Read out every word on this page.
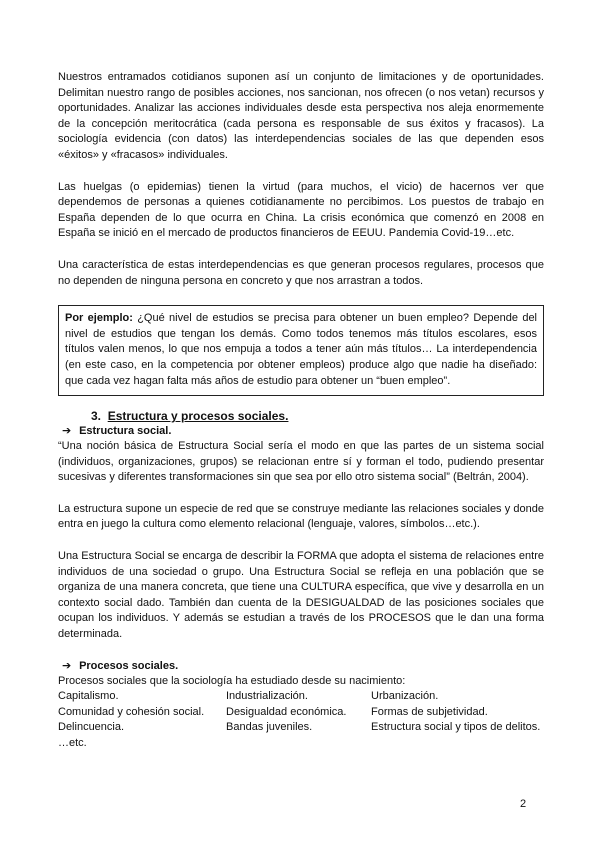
Nuestros entramados cotidianos suponen así un conjunto de limitaciones y de oportunidades. Delimitan nuestro rango de posibles acciones, nos sancionan, nos ofrecen (o nos vetan) recursos y oportunidades. Analizar las acciones individuales desde esta perspectiva nos aleja enormemente de la concepción meritocrática (cada persona es responsable de sus éxitos y fracasos). La sociología evidencia (con datos) las interdependencias sociales de las que dependen esos «éxitos» y «fracasos» individuales.

Las huelgas (o epidemias) tienen la virtud (para muchos, el vicio) de hacernos ver que dependemos de personas a quienes cotidianamente no percibimos. Los puestos de trabajo en España dependen de lo que ocurra en China. La crisis económica que comenzó en 2008 en España se inició en el mercado de productos financieros de EEUU. Pandemia Covid-19…etc.

Una característica de estas interdependencias es que generan procesos regulares, procesos que no dependen de ninguna persona en concreto y que nos arrastran a todos.

Por ejemplo: ¿Qué nivel de estudios se precisa para obtener un buen empleo? Depende del nivel de estudios que tengan los demás. Como todos tenemos más títulos escolares, esos títulos valen menos, lo que nos empuja a todos a tener aún más títulos… La interdependencia (en este caso, en la competencia por obtener empleos) produce algo que nadie ha diseñado: que cada vez hagan falta más años de estudio para obtener un “buen empleo”.

3. Estructura y procesos sociales.
➔ Estructura social.

“Una noción básica de Estructura Social sería el modo en que las partes de un sistema social (individuos, organizaciones, grupos) se relacionan entre sí y forman el todo, pudiendo presentar sucesivas y diferentes transformaciones sin que sea por ello otro sistema social” (Beltrán, 2004).

La estructura supone un especie de red que se construye mediante las relaciones sociales y donde entra en juego la cultura como elemento relacional (lenguaje, valores, símbolos…etc.).

Una Estructura Social se encarga de describir la FORMA que adopta el sistema de relaciones entre individuos de una sociedad o grupo. Una Estructura Social se refleja en una población que se organiza de una manera concreta, que tiene una CULTURA específica, que vive y desarrolla en un contexto social dado. También dan cuenta de la DESIGUALDAD de las posiciones sociales que ocupan los individuos. Y además se estudian a través de los PROCESOS que le dan una forma determinada.

➔ Procesos sociales.

Procesos sociales que la sociología ha estudiado desde su nacimiento:

Capitalismo.	Industrialización.	Urbanización.
Comunidad y cohesión social.	Desigualdad económica.	Formas de subjetividad.
Delincuencia.	Bandas juveniles.	Estructura social y tipos de delitos.
…etc.
2
